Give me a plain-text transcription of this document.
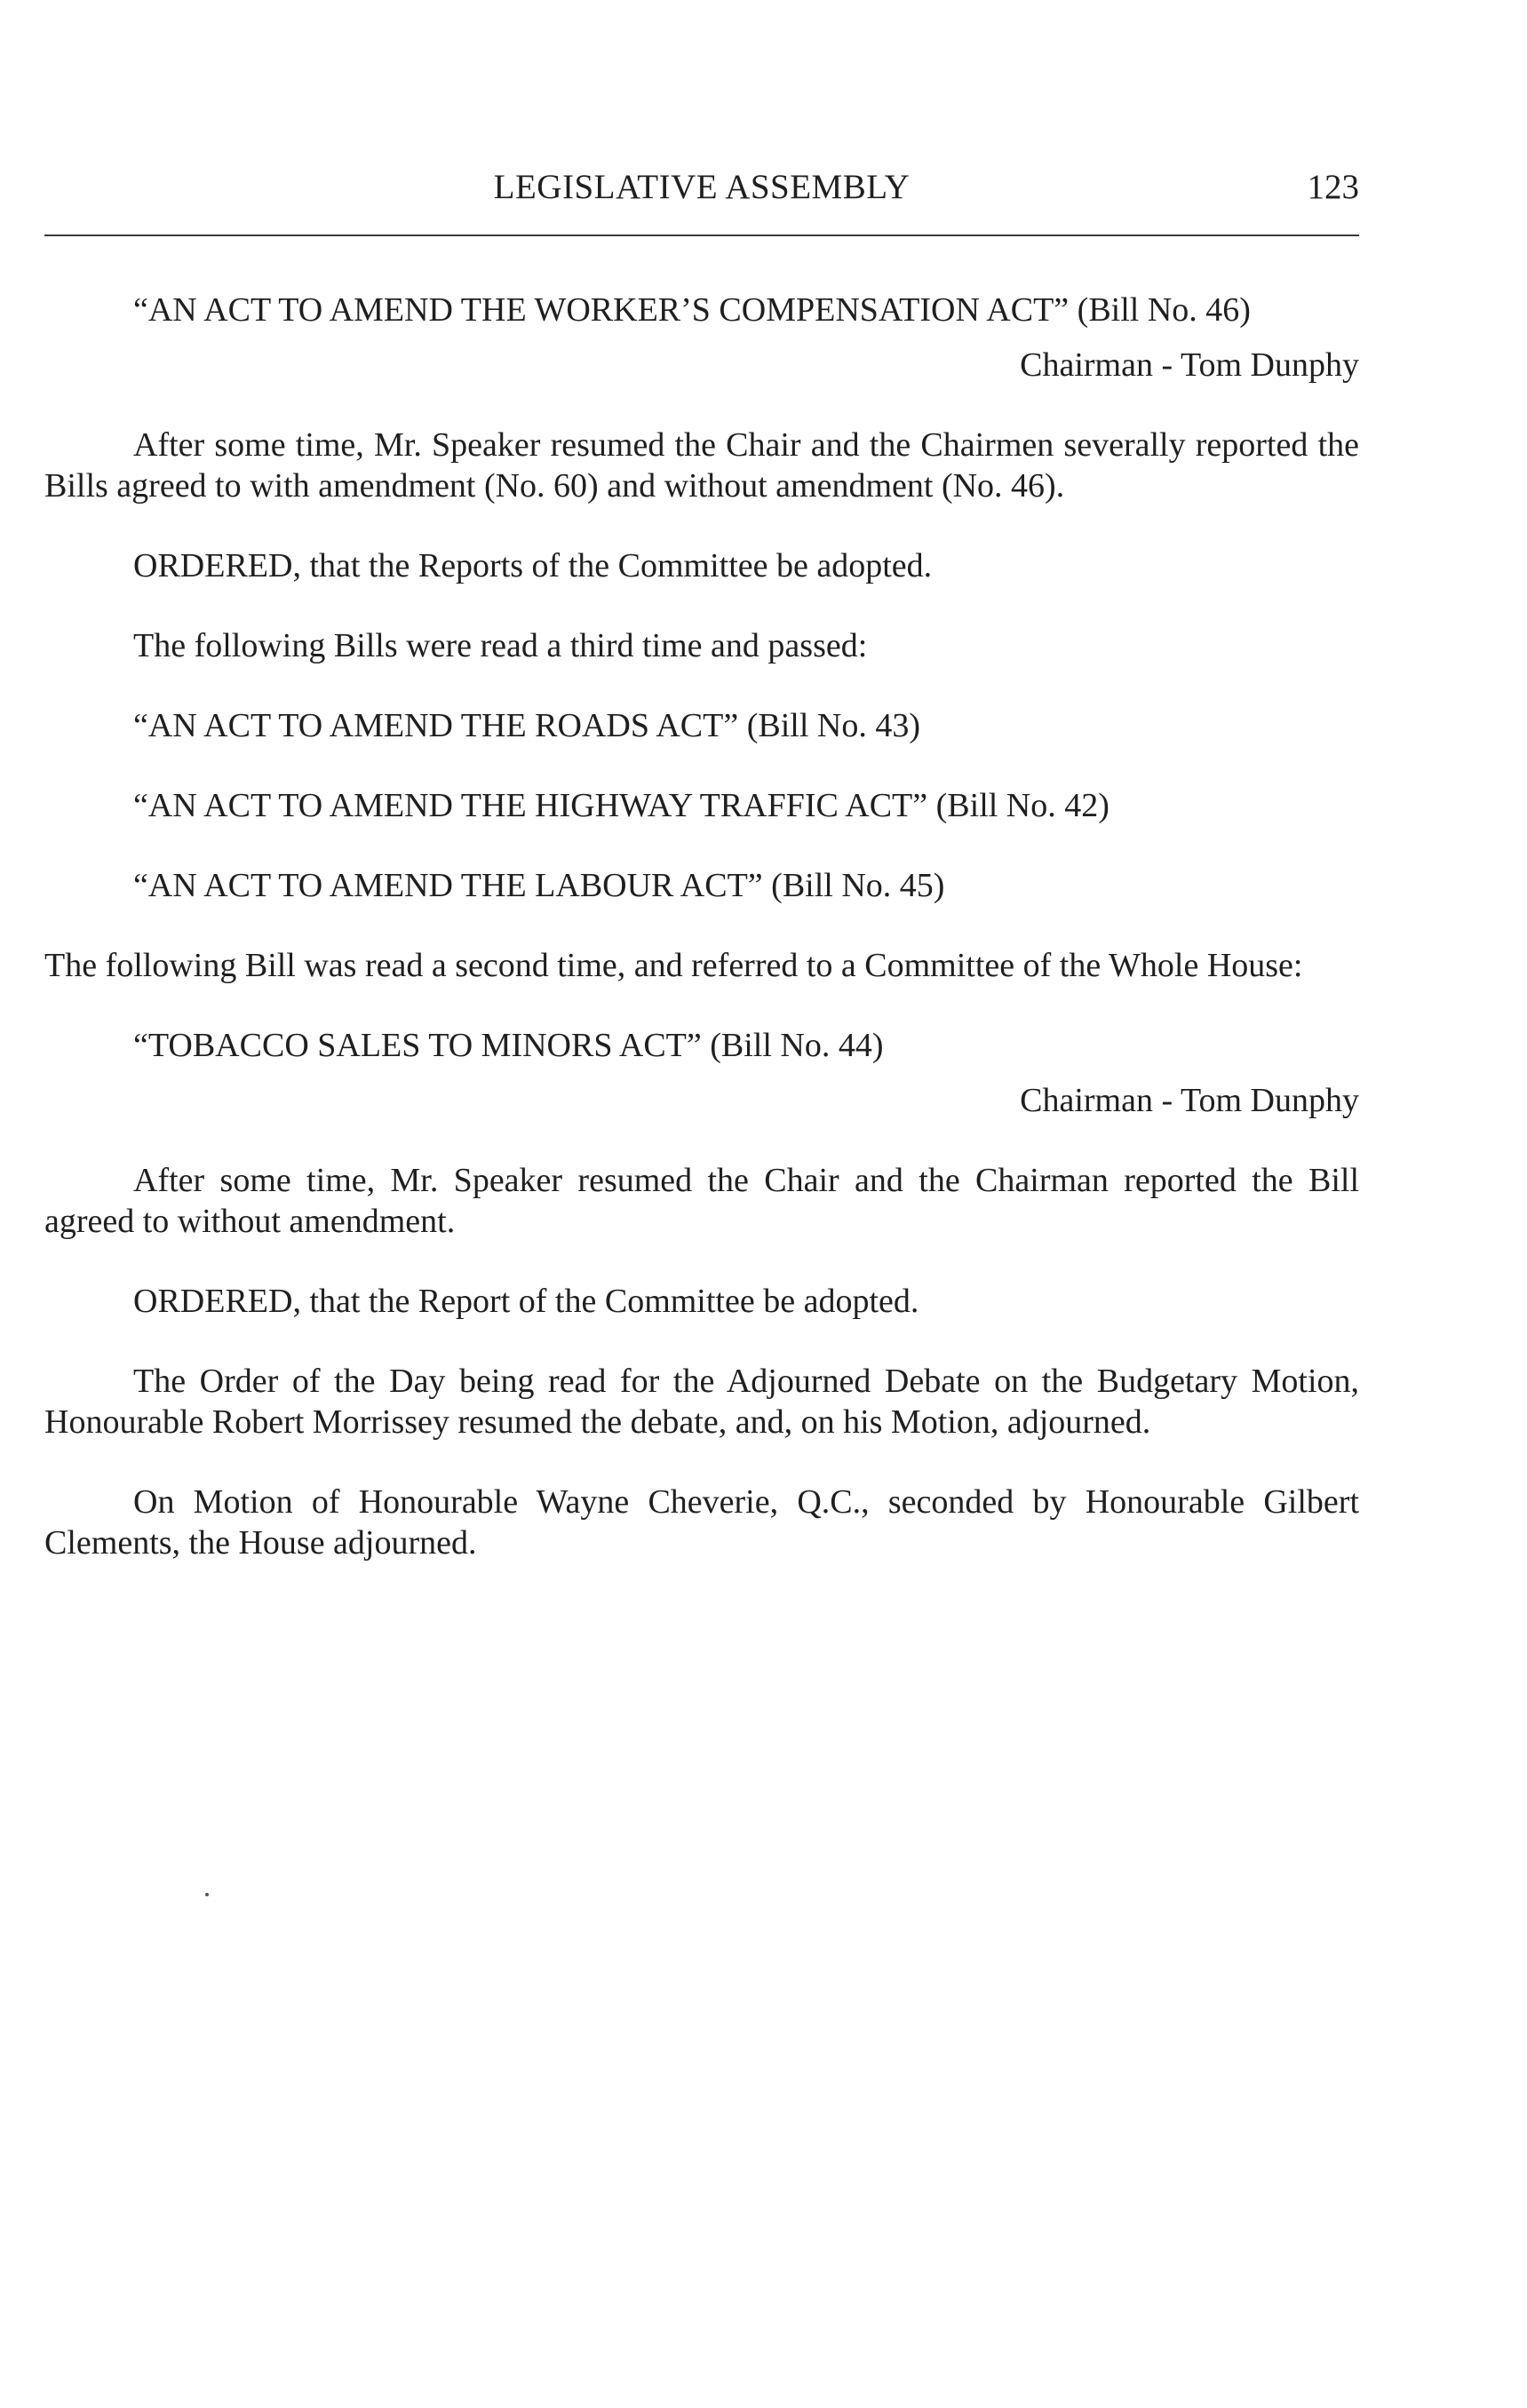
LEGISLATIVE ASSEMBLY	123

“AN ACT TO AMEND THE WORKER’S COMPENSATION ACT” (Bill No. 46)

Chairman - Tom Dunphy

After some time, Mr. Speaker resumed the Chair and the Chairmen severally reported the Bills agreed to with amendment (No. 60) and without amendment (No. 46).

ORDERED, that the Reports of the Committee be adopted.

The following Bills were read a third time and passed:

“AN ACT TO AMEND THE ROADS ACT” (Bill No. 43)

“AN ACT TO AMEND THE HIGHWAY TRAFFIC ACT” (Bill No. 42)

“AN ACT TO AMEND THE LABOUR ACT” (Bill No. 45)

The following Bill was read a second time, and referred to a Committee of the Whole House:

“TOBACCO SALES TO MINORS ACT” (Bill No. 44)

Chairman - Tom Dunphy

After some time, Mr. Speaker resumed the Chair and the Chairman reported the Bill agreed to without amendment.

ORDERED, that the Report of the Committee be adopted.

The Order of the Day being read for the Adjourned Debate on the Budgetary Motion, Honourable Robert Morrissey resumed the debate, and, on his Motion, adjourned.

On Motion of Honourable Wayne Cheverie, Q.C., seconded by Honourable Gilbert Clements, the House adjourned.
